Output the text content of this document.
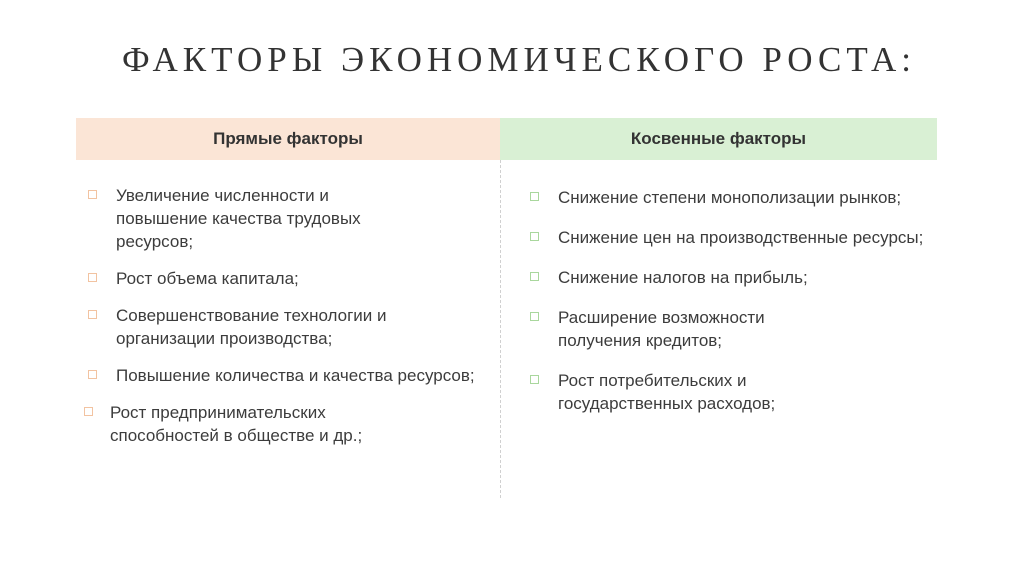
ФАКТОРЫ ЭКОНОМИЧЕСКОГО РОСТА:
Прямые факторы	Косвенные факторы
Увеличение численности и повышение качества трудовых ресурсов;
Рост объема капитала;
Совершенствование технологии и организации производства;
Повышение количества и качества ресурсов;
Рост предпринимательских способностей в обществе и др.;
Снижение степени монополизации рынков;
Снижение цен на производственные ресурсы;
Снижение налогов на прибыль;
Расширение возможности получения кредитов;
Рост потребительских и государственных расходов;
